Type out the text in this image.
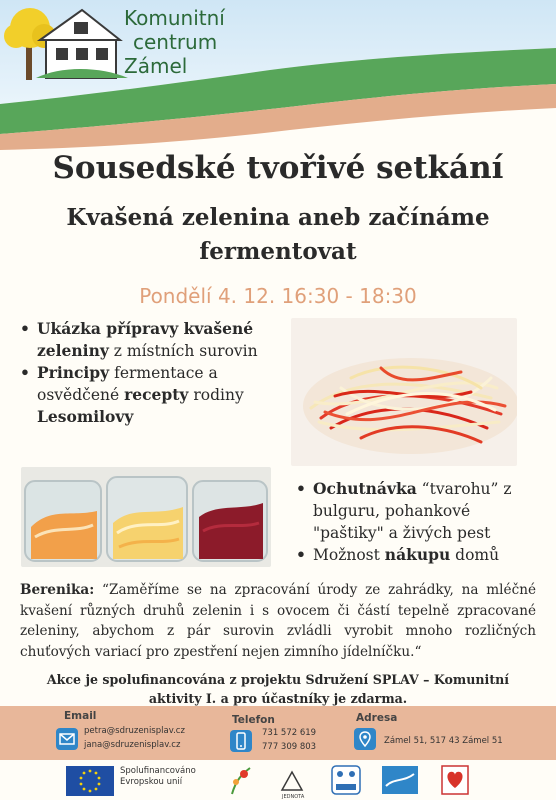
Komunitní
centrum
Zámel
Sousedské tvořivé setkání
Kvašená zelenina aneb začínáme fermentovat
Pondělí 4. 12. 16:30 - 18:30
• Ukázka přípravy kvašené zeleniny z místních surovin
• Principy fermentace a osvědčené recepty rodiny Lesomilovy
• Ochutnávka “tvarohu” z bulguru, pohankové "paštiky" a živých pest
• Možnost nákupu domů
Berenika: “Zaměříme se na zpracování úrody ze zahrádky, na mléčné kvašení různých druhů zelenin i s ovocem či částí tepelně zpracované zeleniny, abychom z pár surovin zvládli vyrobit mnoho rozličných chuťových variací pro zpestření nejen zimního jídelníčku.“
Akce je spolufinancována z projektu Sdružení SPLAV – Komunitní aktivity I. a pro účastníky je zdarma.
Email
petra@sdruzenisplav.cz
jana@sdruzenisplav.cz
Telefon
731 572 619
777 309 803
Adresa
Zámel 51, 517 43 Zámel 51
JEDNOTA
Spolufinancováno Evropskou unií
